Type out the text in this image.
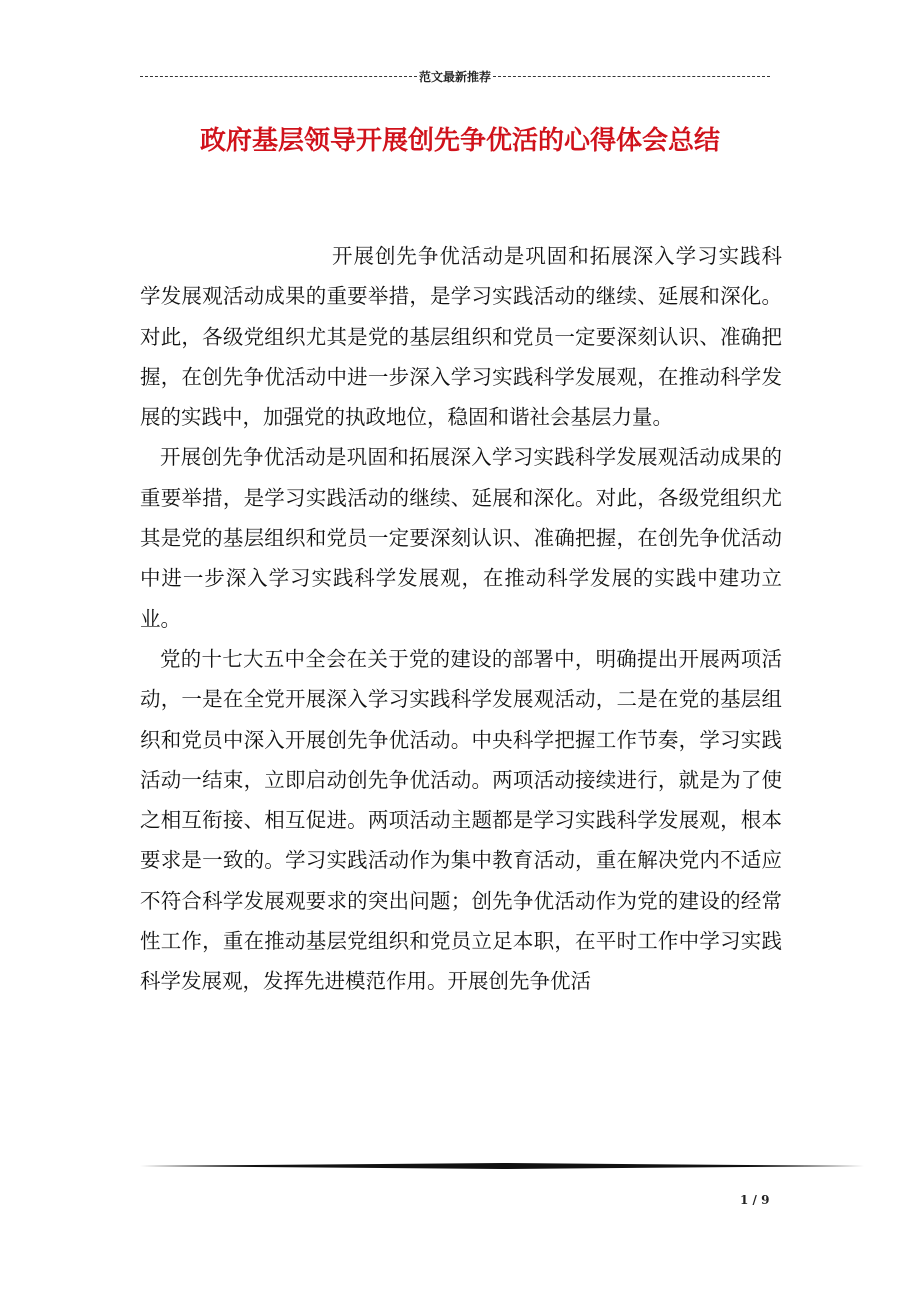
范文最新推荐
政府基层领导开展创先争优活的心得体会总结

开展创先争优活动是巩固和拓展深入学习实践科学发展观活动成果的重要举措，是学习实践活动的继续、延展和深化。对此，各级党组织尤其是党的基层组织和党员一定要深刻认识、准确把握，在创先争优活动中进一步深入学习实践科学发展观，在推动科学发展的实践中，加强党的执政地位，稳固和谐社会基层力量。

开展创先争优活动是巩固和拓展深入学习实践科学发展观活动成果的重要举措，是学习实践活动的继续、延展和深化。对此，各级党组织尤其是党的基层组织和党员一定要深刻认识、准确把握，在创先争优活动中进一步深入学习实践科学发展观，在推动科学发展的实践中建功立业。

党的十七大五中全会在关于党的建设的部署中，明确提出开展两项活动，一是在全党开展深入学习实践科学发展观活动，二是在党的基层组织和党员中深入开展创先争优活动。中央科学把握工作节奏，学习实践活动一结束，立即启动创先争优活动。两项活动接续进行，就是为了使之相互衔接、相互促进。两项活动主题都是学习实践科学发展观，根本要求是一致的。学习实践活动作为集中教育活动，重在解决党内不适应不符合科学发展观要求的突出问题；创先争优活动作为党的建设的经常性工作，重在推动基层党组织和党员立足本职，在平时工作中学习实践科学发展观，发挥先进模范作用。开展创先争优活

1 / 9
